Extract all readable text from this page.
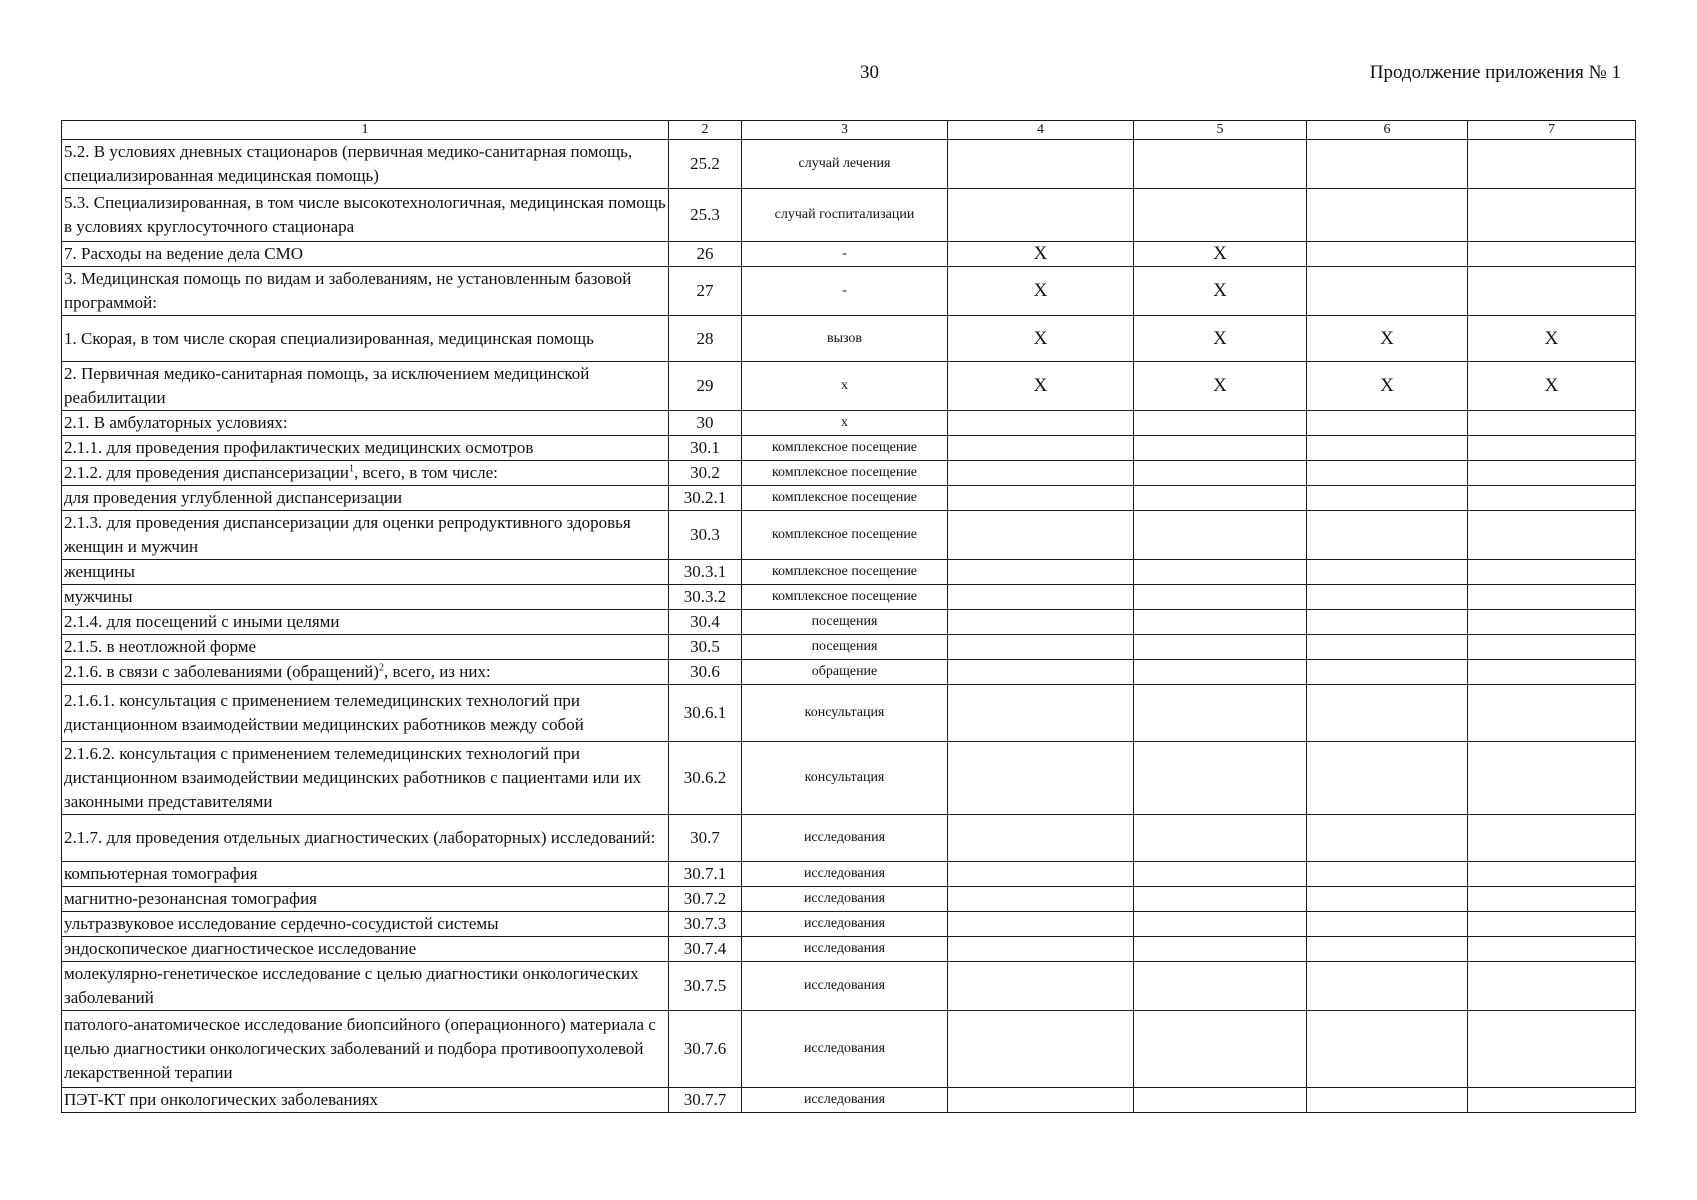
30	Продолжение приложения № 1
1	2	3	4	5	6	7
5.2. В условиях дневных стационаров (первичная медико-санитарная помощь, специализированная медицинская помощь)	25.2	случай лечения				
5.3. Специализированная, в том числе высокотехнологичная, медицинская помощь в условиях круглосуточного стационара	25.3	случай госпитализации				
7. Расходы на ведение дела СМО	26	-	X	X		
3. Медицинская помощь по видам и заболеваниям, не установленным базовой программой:	27	-	X	X		
1. Скорая, в том числе скорая специализированная, медицинская помощь	28	вызов	X	X	X	X
2. Первичная медико-санитарная помощь, за исключением медицинской реабилитации	29	х	X	X	X	X
2.1. В амбулаторных условиях:	30	х				
2.1.1. для проведения профилактических медицинских осмотров	30.1	комплексное посещение				
2.1.2. для проведения диспансеризации$^1$, всего, в том числе:	30.2	комплексное посещение				
для проведения углубленной диспансеризации	30.2.1	комплексное посещение				
2.1.3. для проведения диспансеризации для оценки репродуктивного здоровья женщин и мужчин	30.3	комплексное посещение				
женщины	30.3.1	комплексное посещение				
мужчины	30.3.2	комплексное посещение				
2.1.4. для посещений с иными целями	30.4	посещения				
2.1.5. в неотложной форме	30.5	посещения				
2.1.6. в связи с заболеваниями (обращений)$^2$, всего, из них:	30.6	обращение				
2.1.6.1. консультация с применением телемедицинских технологий при дистанционном взаимодействии медицинских работников между собой	30.6.1	консультация				
2.1.6.2. консультация с применением телемедицинских технологий при дистанционном взаимодействии медицинских работников с пациентами или их законными представителями	30.6.2	консультация				
2.1.7. для проведения отдельных диагностических (лабораторных) исследований:	30.7	исследования				
компьютерная томография	30.7.1	исследования				
магнитно-резонансная томография	30.7.2	исследования				
ультразвуковое исследование сердечно-сосудистой системы	30.7.3	исследования				
эндоскопическое диагностическое исследование	30.7.4	исследования				
молекулярно-генетическое исследование с целью диагностики онкологических заболеваний	30.7.5	исследования				
патолого-анатомическое исследование биопсийного (операционного) материала с целью диагностики онкологических заболеваний и подбора противоопухолевой лекарственной терапии	30.7.6	исследования				
ПЭТ-КТ при онкологических заболеваниях	30.7.7	исследования				
